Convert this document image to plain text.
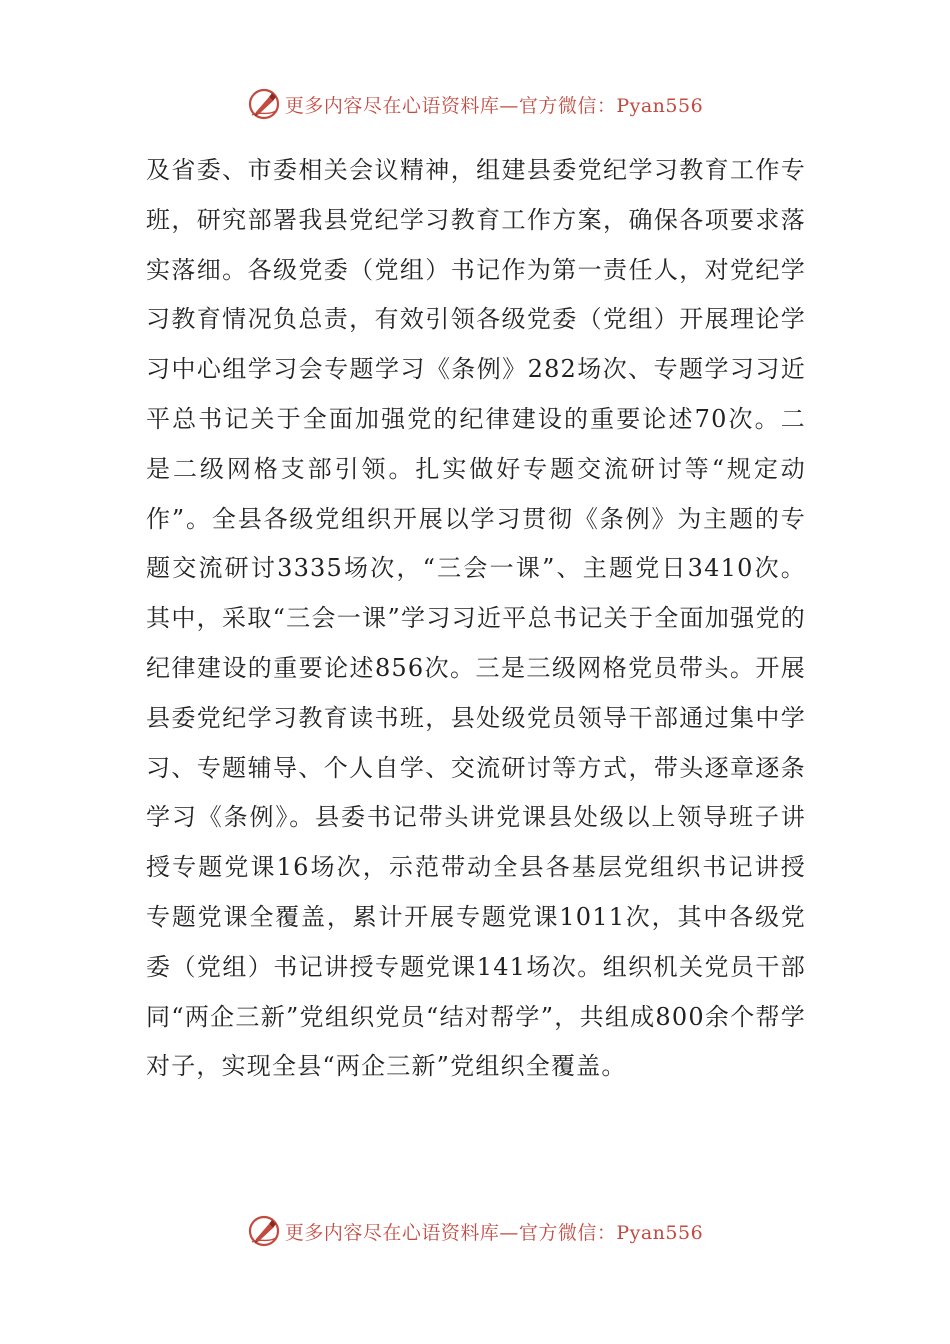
更多内容尽在心语资料库—官方微信：Pyan556

及省委、市委相关会议精神，组建县委党纪学习教育工作专班，研究部署我县党纪学习教育工作方案，确保各项要求落实落细。各级党委（党组）书记作为第一责任人，对党纪学习教育情况负总责，有效引领各级党委（党组）开展理论学习中心组学习会专题学习《条例》282场次、专题学习习近平总书记关于全面加强党的纪律建设的重要论述70次。二是二级网格支部引领。扎实做好专题交流研讨等“规定动作”。全县各级党组织开展以学习贯彻《条例》为主题的专题交流研讨3335场次，“三会一课”、主题党日3410次。其中，采取“三会一课”学习习近平总书记关于全面加强党的纪律建设的重要论述856次。三是三级网格党员带头。开展县委党纪学习教育读书班，县处级党员领导干部通过集中学习、专题辅导、个人自学、交流研讨等方式，带头逐章逐条学习《条例》。县委书记带头讲党课县处级以上领导班子讲授专题党课16场次，示范带动全县各基层党组织书记讲授专题党课全覆盖，累计开展专题党课1011次，其中各级党委（党组）书记讲授专题党课141场次。组织机关党员干部同“两企三新”党组织党员“结对帮学”，共组成800余个帮学对子，实现全县“两企三新”党组织全覆盖。

更多内容尽在心语资料库—官方微信：Pyan556
